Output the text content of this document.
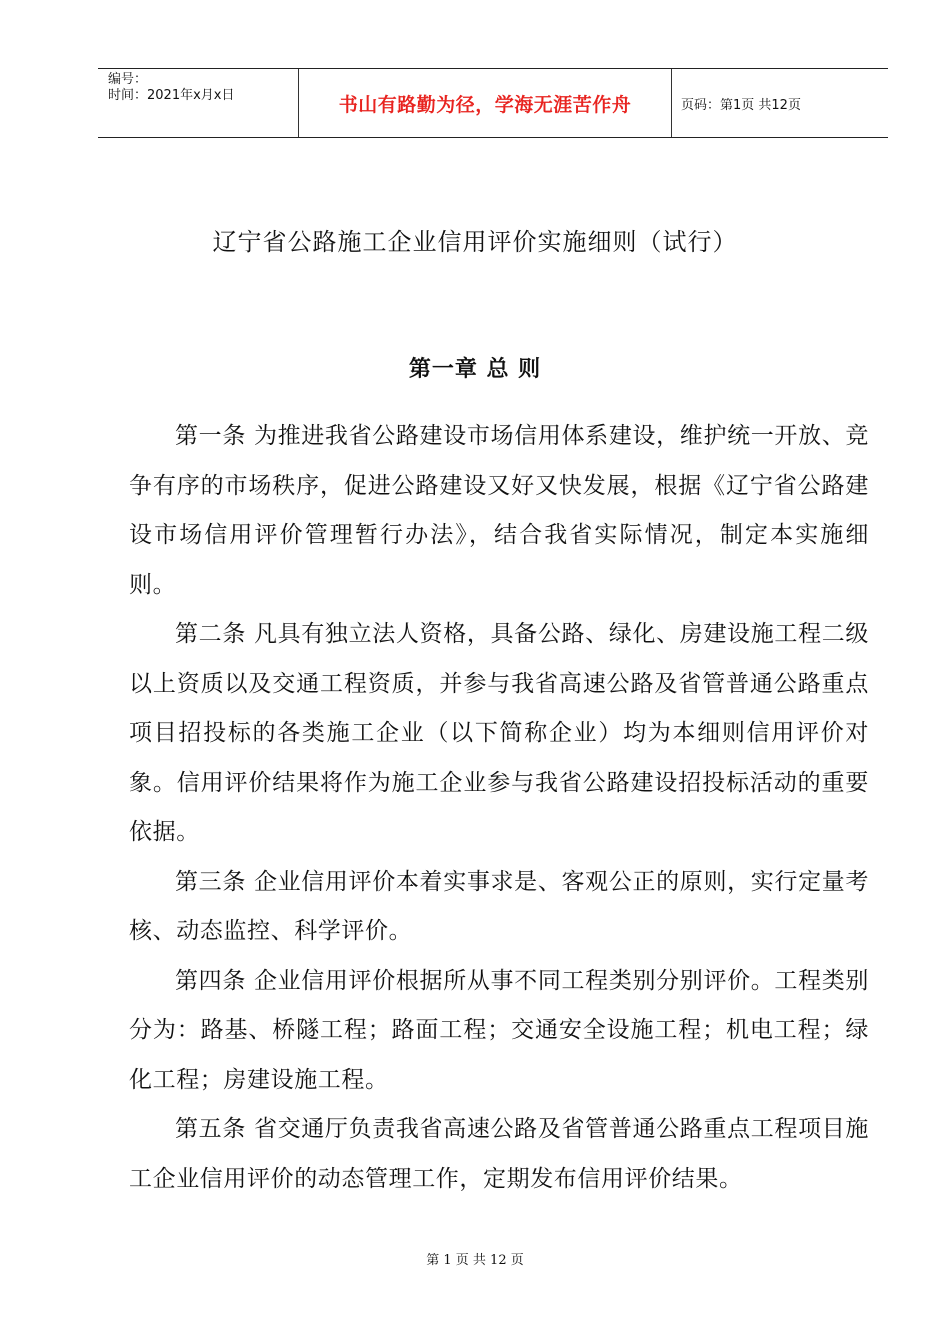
编号：
时间：2021年x月x日	书山有路勤为径，学海无涯苦作舟	页码：第1页 共12页
辽宁省公路施工企业信用评价实施细则（试行）
第一章 总 则

第一条 为推进我省公路建设市场信用体系建设，维护统一开放、竞争有序的市场秩序，促进公路建设又好又快发展，根据《辽宁省公路建设市场信用评价管理暂行办法》，结合我省实际情况，制定本实施细则。

第二条 凡具有独立法人资格，具备公路、绿化、房建设施工程二级以上资质以及交通工程资质，并参与我省高速公路及省管普通公路重点项目招投标的各类施工企业（以下简称企业）均为本细则信用评价对象。信用评价结果将作为施工企业参与我省公路建设招投标活动的重要依据。

第三条 企业信用评价本着实事求是、客观公正的原则，实行定量考核、动态监控、科学评价。

第四条 企业信用评价根据所从事不同工程类别分别评价。工程类别分为：路基、桥隧工程；路面工程；交通安全设施工程；机电工程；绿化工程；房建设施工程。

第五条 省交通厅负责我省高速公路及省管普通公路重点工程项目施工企业信用评价的动态管理工作，定期发布信用评价结果。

第 1 页 共 12 页
